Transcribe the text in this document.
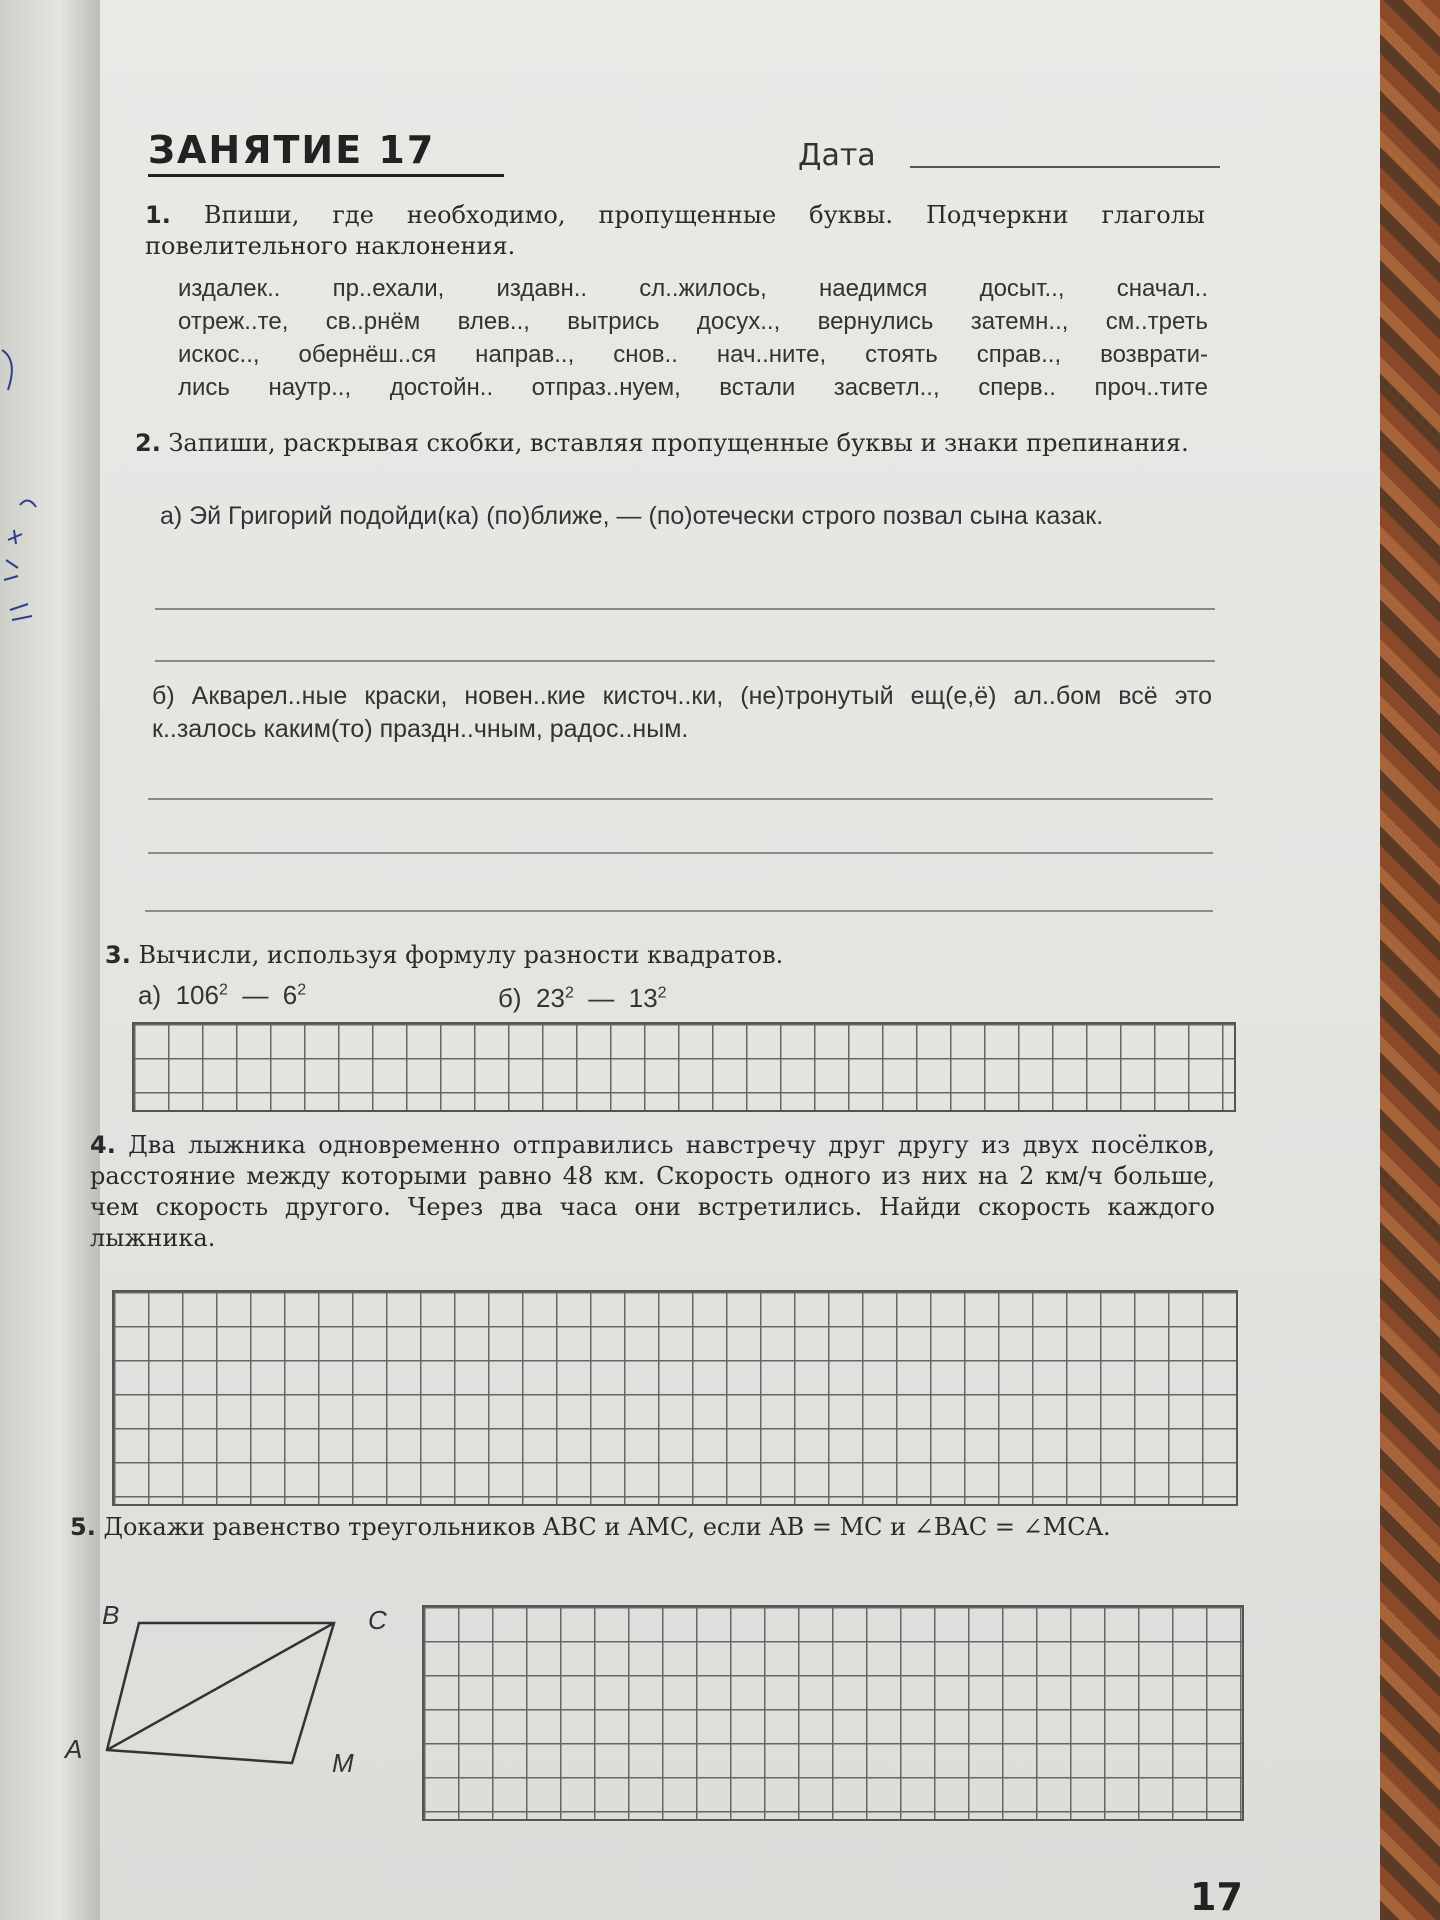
ЗАНЯТИЕ 17	Дата
1. Впиши, где необходимо, пропущенные буквы. Подчеркни глаголы повелительного наклонения.
издалек.. пр..ехали, издавн.. сл..жилось, наедимся досыт.., сначал..
отреж..те, св..рнём влев.., вытрись досух.., вернулись затемн.., см..треть
искос.., обернёш..ся направ.., снов.. нач..ните, стоять справ.., возврати-
лись наутр.., достойн.. отпраз..нуем, встали засветл.., сперв.. проч..тите
2. Запиши, раскрывая скобки, вставляя пропущенные буквы и знаки препинания.
а) Эй Григорий подойди(ка) (по)ближе, — (по)отечески строго позвал сына казак.
б) Акварел..ные краски, новен..кие кисточ..ки, (не)тронутый ещ(е,ё) ал..бом всё это к..залось каким(то) праздн..чным, радос..ным.
3. Вычисли, используя формулу разности квадратов.
а) $106^2$ — $6^2$	б) $23^2$ — $13^2$
4. Два лыжника одновременно отправились навстречу друг другу из двух посёлков, расстояние между которыми равно 48 км. Скорость одного из них на 2 км/ч больше, чем скорость другого. Через два часа они встретились. Найди скорость каждого лыжника.
5. Докажи равенство треугольников ABC и AMC, если AB = MC и ∠BAC = ∠MCA.
B	C
A	M
17
